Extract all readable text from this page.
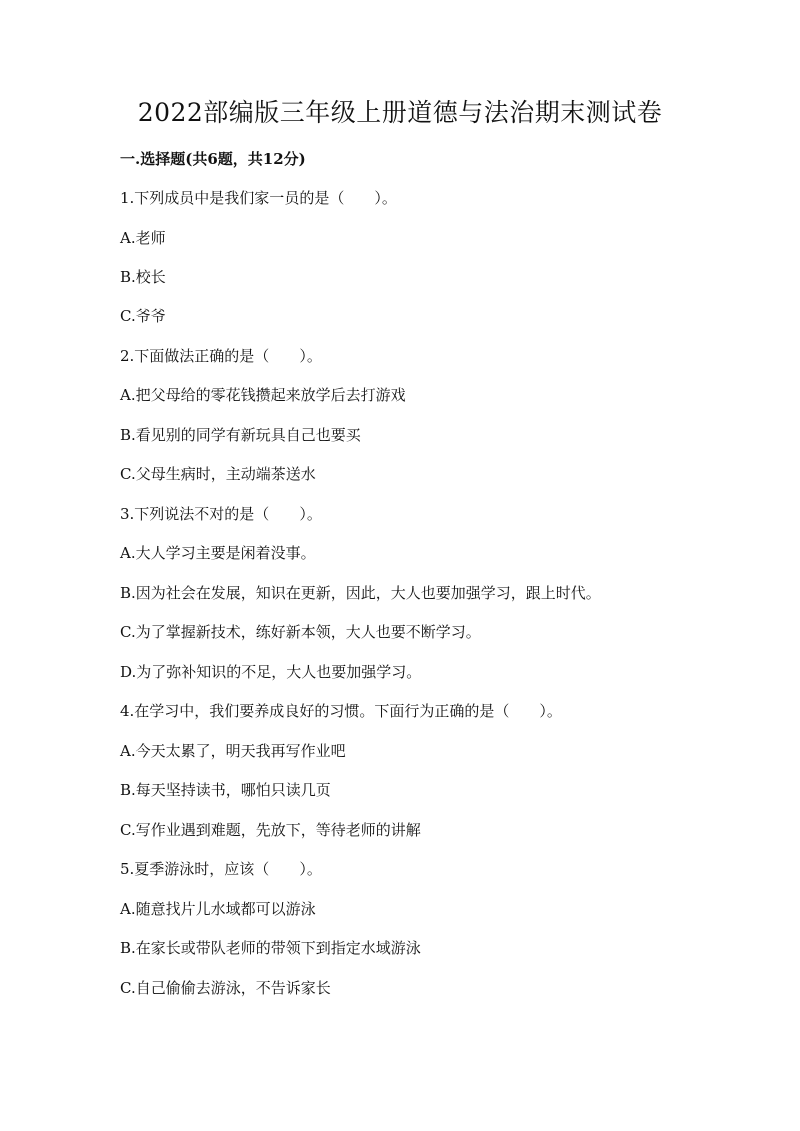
2022部编版三年级上册道德与法治期末测试卷
一.选择题(共6题，共12分)
1.下列成员中是我们家一员的是（　　）。
A.老师
B.校长
C.爷爷
2.下面做法正确的是（　　）。
A.把父母给的零花钱攒起来放学后去打游戏
B.看见别的同学有新玩具自己也要买
C.父母生病时，主动端茶送水
3.下列说法不对的是（　　）。
A.大人学习主要是闲着没事。
B.因为社会在发展，知识在更新，因此，大人也要加强学习，跟上时代。
C.为了掌握新技术，练好新本领，大人也要不断学习。
D.为了弥补知识的不足，大人也要加强学习。
4.在学习中，我们要养成良好的习惯。下面行为正确的是（　　）。
A.今天太累了，明天我再写作业吧
B.每天坚持读书，哪怕只读几页
C.写作业遇到难题，先放下，等待老师的讲解
5.夏季游泳时，应该（　　）。
A.随意找片儿水域都可以游泳
B.在家长或带队老师的带领下到指定水域游泳
C.自己偷偷去游泳，不告诉家长
